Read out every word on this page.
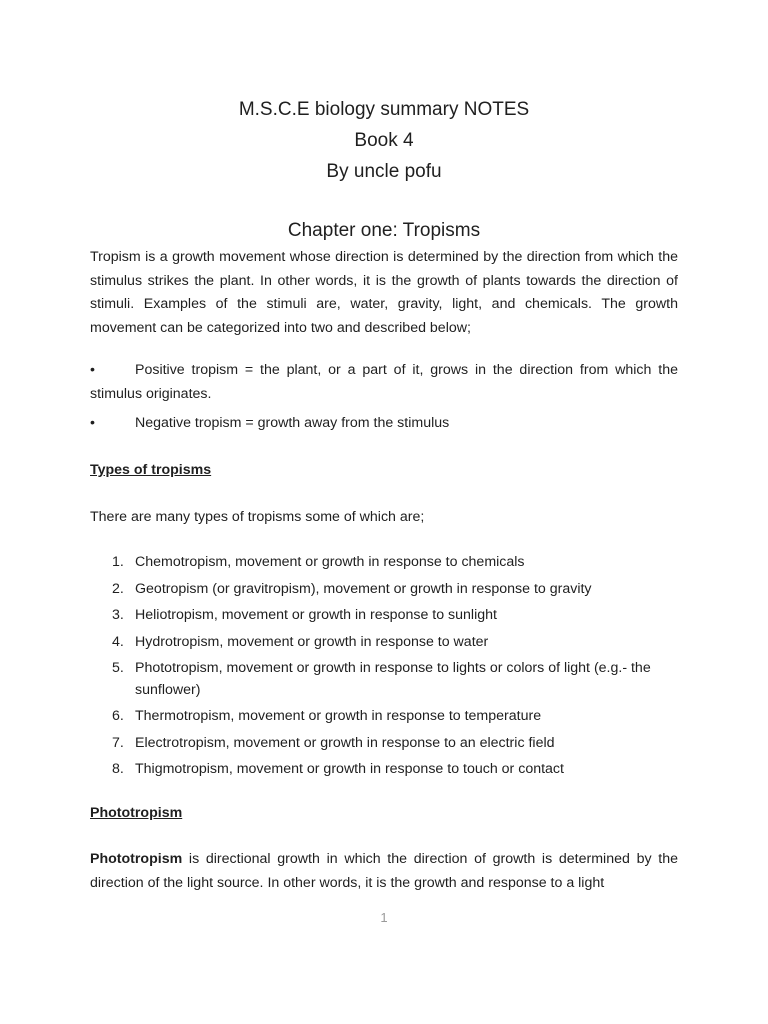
M.S.C.E biology summary NOTES
Book 4
By uncle pofu
Chapter one: Tropisms

Tropism is a growth movement whose direction is determined by the direction from which the stimulus strikes the plant. In other words, it is the growth of plants towards the direction of stimuli. Examples of the stimuli are, water, gravity, light, and chemicals. The growth movement can be categorized into two and described below;

•	Positive tropism = the plant, or a part of it, grows in the direction from which the stimulus originates.
•	Negative tropism = growth away from the stimulus
Types of tropisms

There are many types of tropisms some of which are;

1. Chemotropism, movement or growth in response to chemicals
2. Geotropism (or gravitropism), movement or growth in response to gravity
3. Heliotropism, movement or growth in response to sunlight
4. Hydrotropism, movement or growth in response to water
5. Phototropism, movement or growth in response to lights or colors of light (e.g.- the sunflower)
6. Thermotropism, movement or growth in response to temperature
7. Electrotropism, movement or growth in response to an electric field
8. Thigmotropism, movement or growth in response to touch or contact
Phototropism

Phototropism is directional growth in which the direction of growth is determined by the direction of the light source. In other words, it is the growth and response to a light

1
